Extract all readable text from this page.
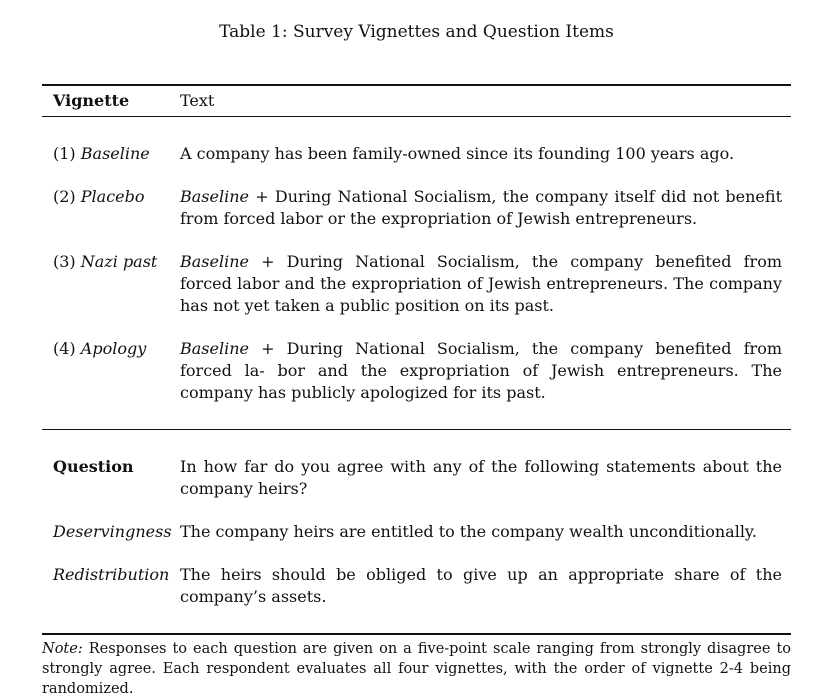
Table 1: Survey Vignettes and Question Items
Vignette	Text
(1) Baseline A company has been family-owned since its founding 100 years ago.
(2) Placebo Baseline + During National Socialism, the company itself did not benefit from forced labor or the expropriation of Jewish entrepreneurs.
(3) Nazi past Baseline + During National Socialism, the company benefited from forced labor and the expropriation of Jewish entrepreneurs. The company has not yet taken a public position on its past.
(4) Apology Baseline + During National Socialism, the company benefited from forced la- bor and the expropriation of Jewish entrepreneurs. The company has publicly apologized for its past.
Question	In how far do you agree with any of the following statements about the company heirs?
Deservingness The company heirs are entitled to the company wealth unconditionally.
Redistribution The heirs should be obliged to give up an appropriate share of the company’s assets.
Note: Responses to each question are given on a five-point scale ranging from strongly disagree to strongly agree. Each respondent evaluates all four vignettes, with the order of vignette 2-4 being randomized.
